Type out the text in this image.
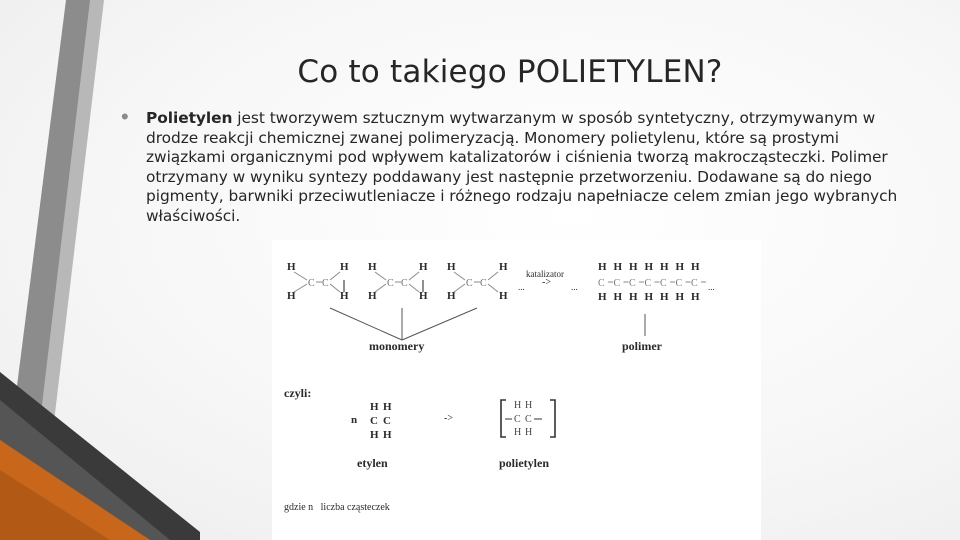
Co to takiego POLIETYLEN?
• Polietylen jest tworzywem sztucznym wytwarzanym w sposób syntetyczny, otrzymywanym w drodze reakcji chemicznej zwanej polimeryzacją. Monomery polietylenu, które są prostymi związkami organicznymi pod wpływem katalizatorów i ciśnienia tworzą makrocząsteczki. Polimer otrzymany w wyniku syntezy poddawany jest następnie przetworzeniu. Dodawane są do niego pigmenty, barwniki przeciwutleniacze i różnego rodzaju napełniacze celem zmian jego wybranych właściwości.
H
H
H
H
H
H
H
H
H
H
H
H
C C	C C	C C
katalizator
->
...	...	...
H
C
H
H
C
H
H
C
H
H
C
H
H
C
H
H
C
H
H
C
H
monomery	polimer
czyli:
H H
H H
C C
n	->
etylen
H H
H H
C C
polietylen
gdzie n   liczba cząsteczek
